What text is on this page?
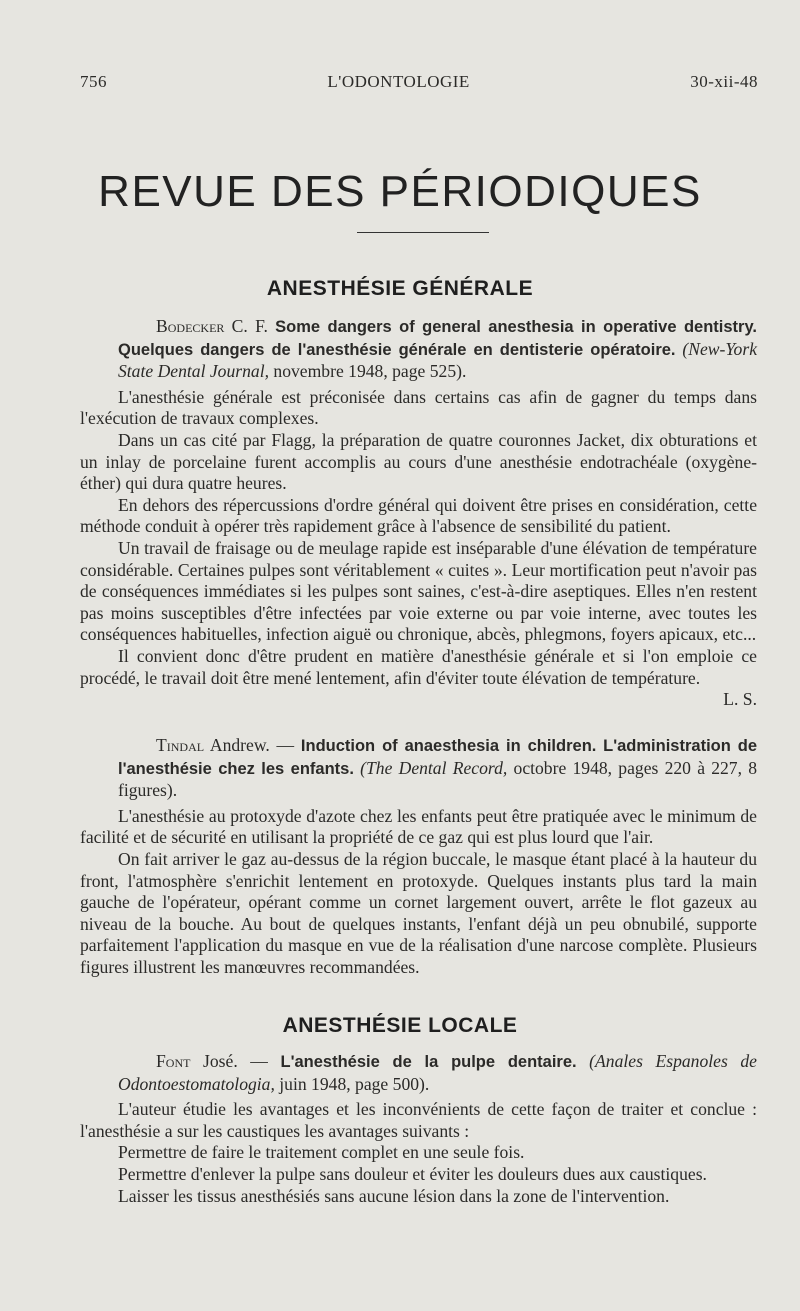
756	L'ODONTOLOGIE	30-xii-48
REVUE DES PÉRIODIQUES
ANESTHÉSIE GÉNÉRALE

Bodecker C. F. Some dangers of general anesthesia in operative dentistry. Quelques dangers de l'anesthésie générale en dentisterie opératoire. (New-York State Dental Journal, novembre 1948, page 525).

L'anesthésie générale est préconisée dans certains cas afin de gagner du temps dans l'exécution de travaux complexes.

Dans un cas cité par Flagg, la préparation de quatre couronnes Jacket, dix obturations et un inlay de porcelaine furent accomplis au cours d'une anesthésie endotrachéale (oxygène-éther) qui dura quatre heures.

En dehors des répercussions d'ordre général qui doivent être prises en considération, cette méthode conduit à opérer très rapidement grâce à l'absence de sensibilité du patient.

Un travail de fraisage ou de meulage rapide est inséparable d'une élévation de température considérable. Certaines pulpes sont véritablement « cuites ». Leur mortification peut n'avoir pas de conséquences immédiates si les pulpes sont saines, c'est-à-dire aseptiques. Elles n'en restent pas moins susceptibles d'être infectées par voie externe ou par voie interne, avec toutes les conséquences habituelles, infection aiguë ou chronique, abcès, phlegmons, foyers apicaux, etc...

Il convient donc d'être prudent en matière d'anesthésie générale et si l'on emploie ce procédé, le travail doit être mené lentement, afin d'éviter toute élévation de température.
L. S.

Tindal Andrew. — Induction of anaesthesia in children. L'administration de l'anesthésie chez les enfants. (The Dental Record, octobre 1948, pages 220 à 227, 8 figures).

L'anesthésie au protoxyde d'azote chez les enfants peut être pratiquée avec le minimum de facilité et de sécurité en utilisant la propriété de ce gaz qui est plus lourd que l'air.

On fait arriver le gaz au-dessus de la région buccale, le masque étant placé à la hauteur du front, l'atmosphère s'enrichit lentement en protoxyde. Quelques instants plus tard la main gauche de l'opérateur, opérant comme un cornet largement ouvert, arrête le flot gazeux au niveau de la bouche. Au bout de quelques instants, l'enfant déjà un peu obnubilé, supporte parfaitement l'application du masque en vue de la réalisation d'une narcose complète. Plusieurs figures illustrent les manœuvres recommandées.

ANESTHÉSIE LOCALE

Font José. — L'anesthésie de la pulpe dentaire. (Anales Espanoles de Odontoestomatologia, juin 1948, page 500).

L'auteur étudie les avantages et les inconvénients de cette façon de traiter et conclue : l'anesthésie a sur les caustiques les avantages suivants :

Permettre de faire le traitement complet en une seule fois.

Permettre d'enlever la pulpe sans douleur et éviter les douleurs dues aux caustiques.

Laisser les tissus anesthésiés sans aucune lésion dans la zone de l'intervention.
